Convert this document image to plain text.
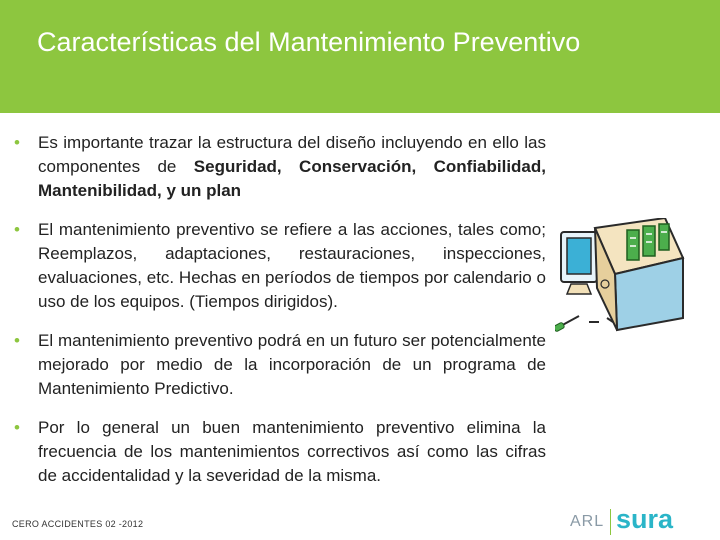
Características del Mantenimiento Preventivo
• Es importante trazar la estructura del diseño incluyendo en ello las componentes de Seguridad, Conservación, Confiabilidad, Mantenibilidad, y un plan
• El mantenimiento preventivo se refiere a las acciones, tales como; Reemplazos, adaptaciones, restauraciones, inspecciones, evaluaciones, etc. Hechas en períodos de tiempos por calendario o uso de los equipos. (Tiempos dirigidos).
• El mantenimiento preventivo podrá en un futuro ser potencialmente mejorado por medio de la incorporación de un programa de Mantenimiento Predictivo.
• Por lo general un buen mantenimiento preventivo elimina la frecuencia de los mantenimientos correctivos así como las cifras de accidentalidad y la severidad de la misma.
CERO ACCIDENTES 02 -2012	ARL sura
